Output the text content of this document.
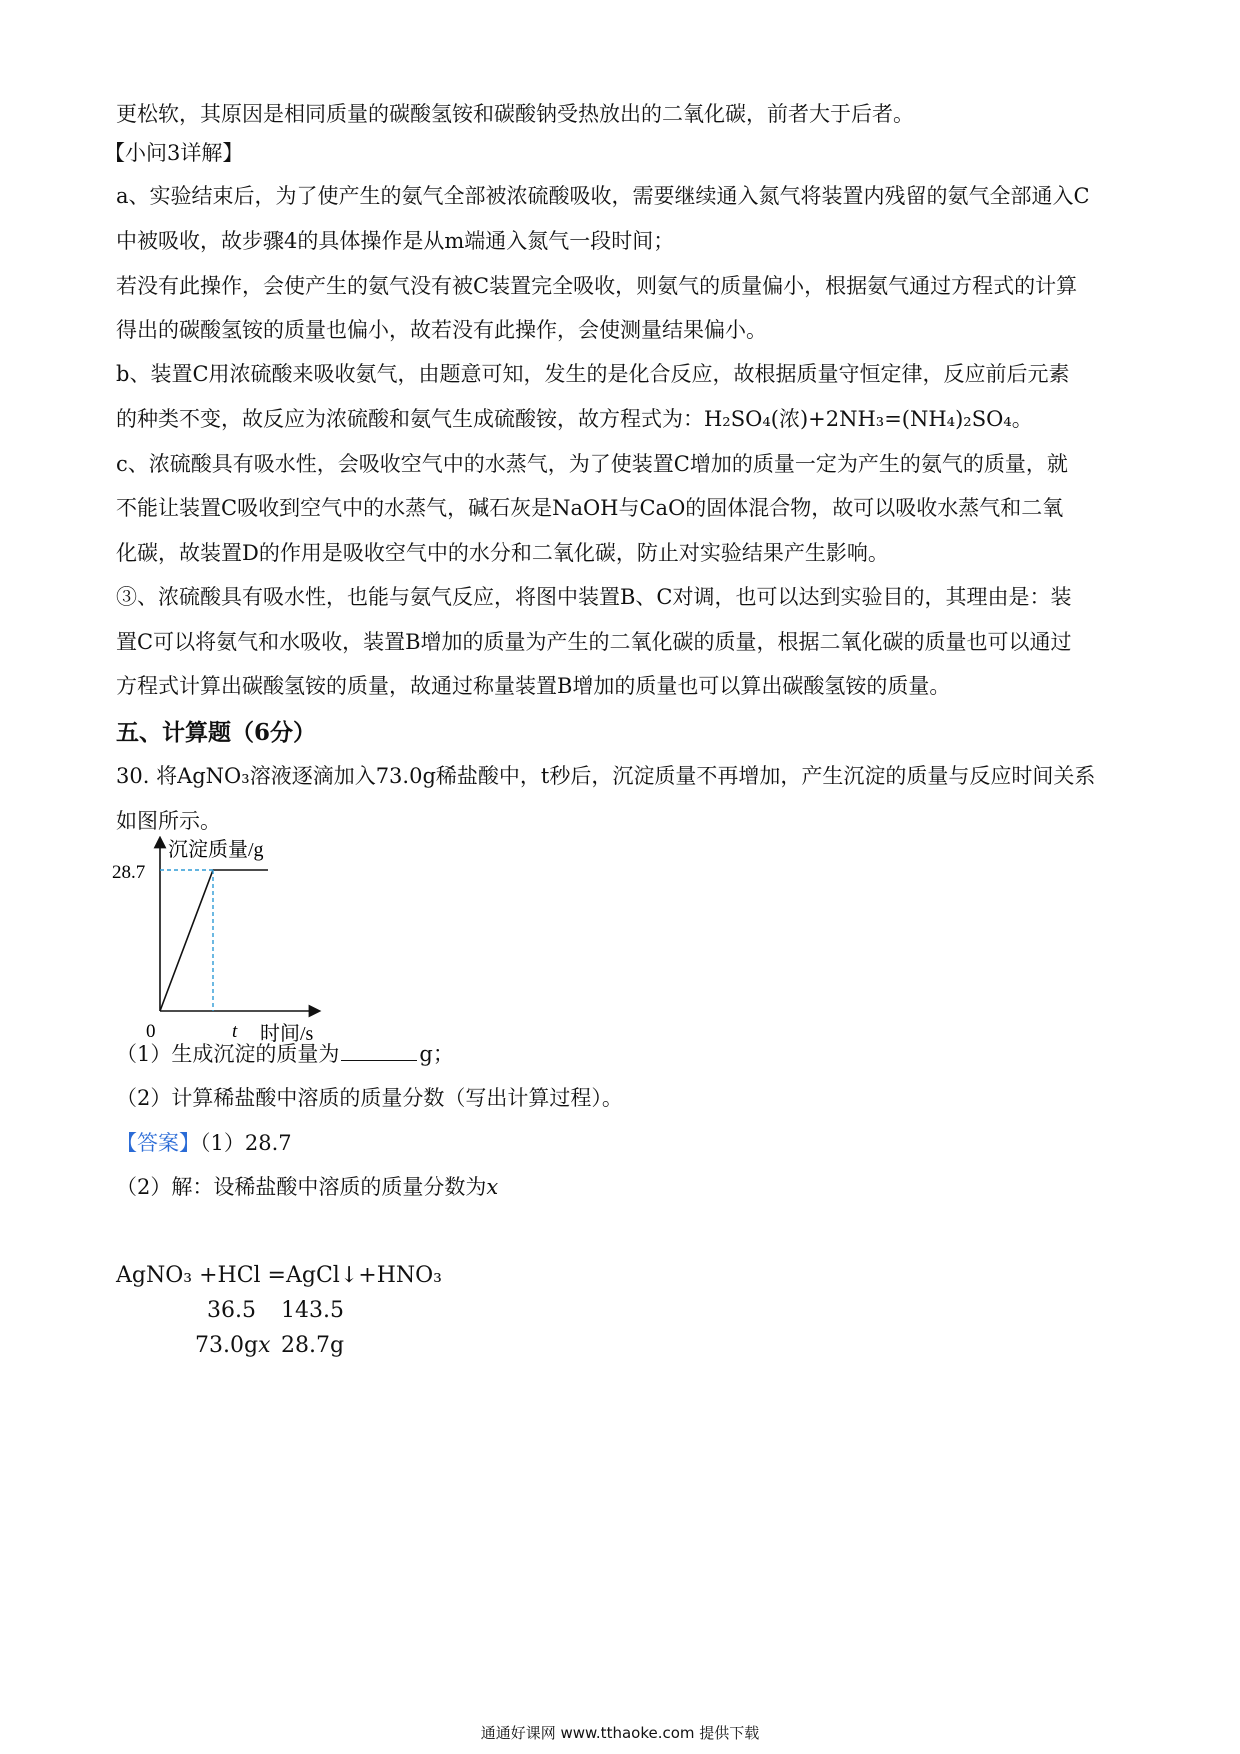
更松软，其原因是相同质量的碳酸氢铵和碳酸钠受热放出的二氧化碳，前者大于后者。
【小问3详解】
a、实验结束后，为了使产生的氨气全部被浓硫酸吸收，需要继续通入氮气将装置内残留的氨气全部通入C
中被吸收，故步骤4的具体操作是从m端通入氮气一段时间；
若没有此操作，会使产生的氨气没有被C装置完全吸收，则氨气的质量偏小，根据氨气通过方程式的计算
得出的碳酸氢铵的质量也偏小，故若没有此操作，会使测量结果偏小。
b、装置C用浓硫酸来吸收氨气，由题意可知，发生的是化合反应，故根据质量守恒定律，反应前后元素
的种类不变，故反应为浓硫酸和氨气生成硫酸铵，故方程式为：H₂SO₄(浓)+2NH₃=(NH₄)₂SO₄。
c、浓硫酸具有吸水性，会吸收空气中的水蒸气，为了使装置C增加的质量一定为产生的氨气的质量，就
不能让装置C吸收到空气中的水蒸气，碱石灰是NaOH与CaO的固体混合物，故可以吸收水蒸气和二氧
化碳，故装置D的作用是吸收空气中的水分和二氧化碳，防止对实验结果产生影响。
③、浓硫酸具有吸水性，也能与氨气反应，将图中装置B、C对调，也可以达到实验目的，其理由是：装
置C可以将氨气和水吸收，装置B增加的质量为产生的二氧化碳的质量，根据二氧化碳的质量也可以通过
方程式计算出碳酸氢铵的质量，故通过称量装置B增加的质量也可以算出碳酸氢铵的质量。
五、计算题（6分）
30. 将AgNO₃溶液逐滴加入73.0g稀盐酸中，t秒后，沉淀质量不再增加，产生沉淀的质量与反应时间关系
如图所示。
沉淀质量/g
28.7
0	t 时间/s
（1）生成沉淀的质量为	g；
（2）计算稀盐酸中溶质的质量分数（写出计算过程）。
【答案】（1）28.7
（2）解：设稀盐酸中溶质的质量分数为x
AgNO₃ +HCl =AgCl↓+HNO₃
36.5 143.5
73.0gx 28.7g
通通好课网 www.tthaoke.com 提供下载
